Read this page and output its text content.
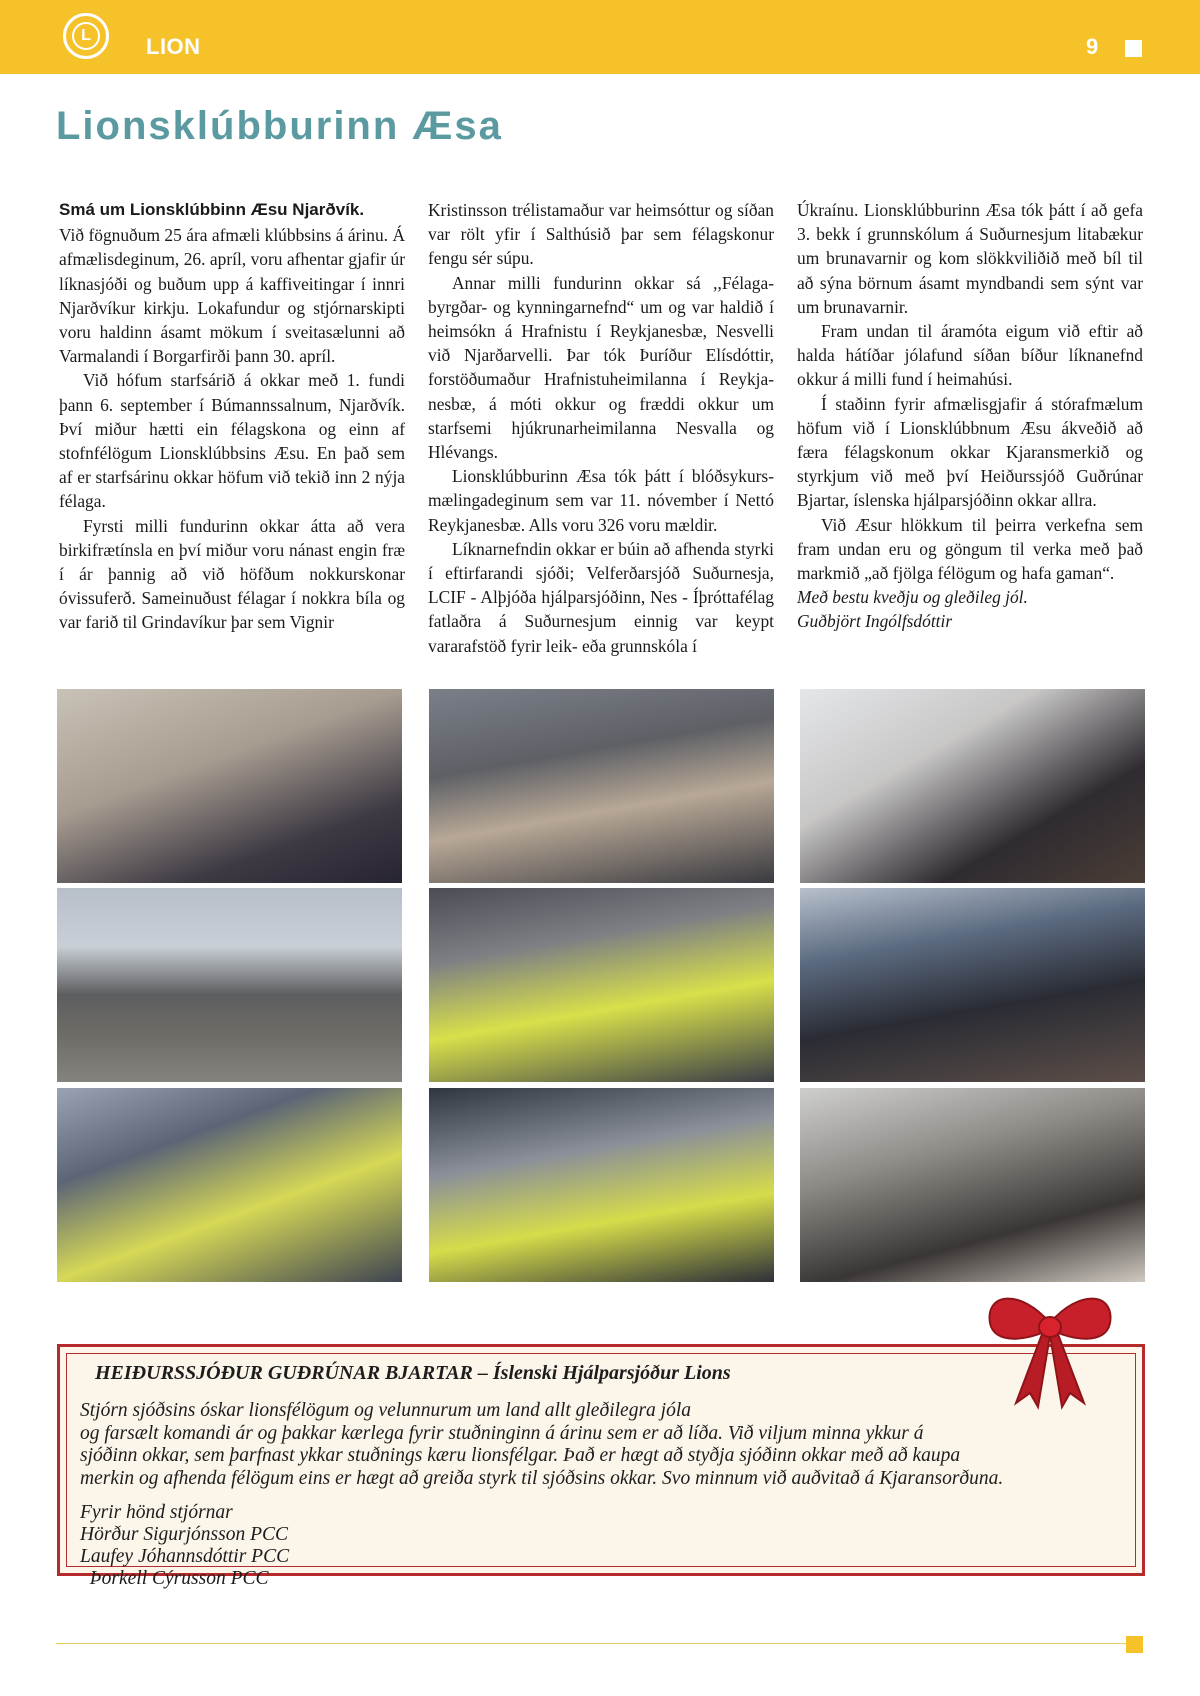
L	LION	9
Lionsklúbburinn Æsa
Smá um Lionsklúbbinn Æsu Njarðvík.

Við fögnuðum 25 ára afmæli klúbbsins á árinu. Á afmælisdeginum, 26. apríl, voru afhentar gjafir úr líknasjóði og buðum upp á kaffiveitingar í innri Njarðvíkur kirkju. Lokafundur og stjórnarskipti voru haldinn ásamt mökum í sveitasælunni að Varmalandi í Borgarfirði þann 30. apríl.

Við hófum starfsárið á okkar með 1. fundi þann 6. september í Búmannssalnum, Njarðvík. Því miður hætti ein félagskona og einn af stofnfélögum Lionsklúbbsins Æsu. En það sem af er starfsárinu okkar höfum við tekið inn 2 nýja félaga.

Fyrsti milli fundurinn okkar átta að vera birkifrætínsla en því miður voru nánast engin fræ í ár þannig að við höfðum nokkurskonar óvissuferð. Sameinuðust félagar í nokkra bíla og var farið til Grindavíkur þar sem Vignir

Kristinsson trélistamaður var heimsóttur og síðan var rölt yfir í Salthúsið þar sem félagskonur fengu sér súpu.

Annar milli fundurinn okkar sá ,,Félagabyrgðar- og kynningarnefnd“ um og var haldið í heimsókn á Hrafnistu í Reykjanesbæ, Nesvelli við Njarðarvelli. Þar tók Þuríður Elísdóttir, forstöðumaður Hrafnistuheimilanna í Reykjanesbæ, á móti okkur og fræddi okkur um starfsemi hjúkrunarheimilanna Nesvalla og Hlévangs.

Lionsklúbburinn Æsa tók þátt í blóðsykursmælingadeginum sem var 11. nóvember í Nettó Reykjanesbæ. Alls voru 326 voru mældir.

Líknarnefndin okkar er búin að afhenda styrki í eftirfarandi sjóði; Velferðarsjóð Suðurnesja, LCIF - Alþjóða hjálparsjóðinn, Nes - Íþróttafélag fatlaðra á Suðurnesjum einnig var keypt vararafstöð fyrir leik- eða grunnskóla í

Úkraínu. Lionsklúbburinn Æsa tók þátt í að gefa 3. bekk í grunnskólum á Suðurnesjum litabækur um brunavarnir og kom slökkviliðið með bíl til að sýna börnum ásamt myndbandi sem sýnt var um brunavarnir.

Fram undan til áramóta eigum við eftir að halda hátíðar jólafund síðan bíður líknanefnd okkur á milli fund í heimahúsi.

Í staðinn fyrir afmælisgjafir á stórafmælum höfum við í Lionsklúbbnum Æsu ákveðið að færa félagskonum okkar Kjaransmerkið og styrkjum við með því Heiðurssjóð Guðrúnar Bjartar, íslenska hjálparsjóðinn okkar allra.

Við Æsur hlökkum til þeirra verkefna sem fram undan eru og göngum til verka með það markmið „að fjölga félögum og hafa gaman“.

Með bestu kveðju og gleðileg jól.
Guðbjört Ingólfsdóttir

HEIÐURSSJÓÐUR GUÐRÚNAR BJARTAR – Íslenski Hjálparsjóður Lions
Stjórn sjóðsins óskar lionsfélögum og velunnurum um land allt gleðilegra jóla
og farsælt komandi ár og þakkar kærlega fyrir stuðninginn á árinu sem er að líða. Við viljum minna ykkur á
sjóðinn okkar, sem þarfnast ykkar stuðnings kæru lionsfélgar. Það er hægt að styðja sjóðinn okkar með að kaupa
merkin og afhenda félögum eins er hægt að greiða styrk til sjóðsins okkar. Svo minnum við auðvitað á Kjaransorðuna.
Fyrir hönd stjórnar
Hörður Sigurjónsson PCC
Laufey Jóhannsdóttir PCC
Þorkell Cýrusson PCC
